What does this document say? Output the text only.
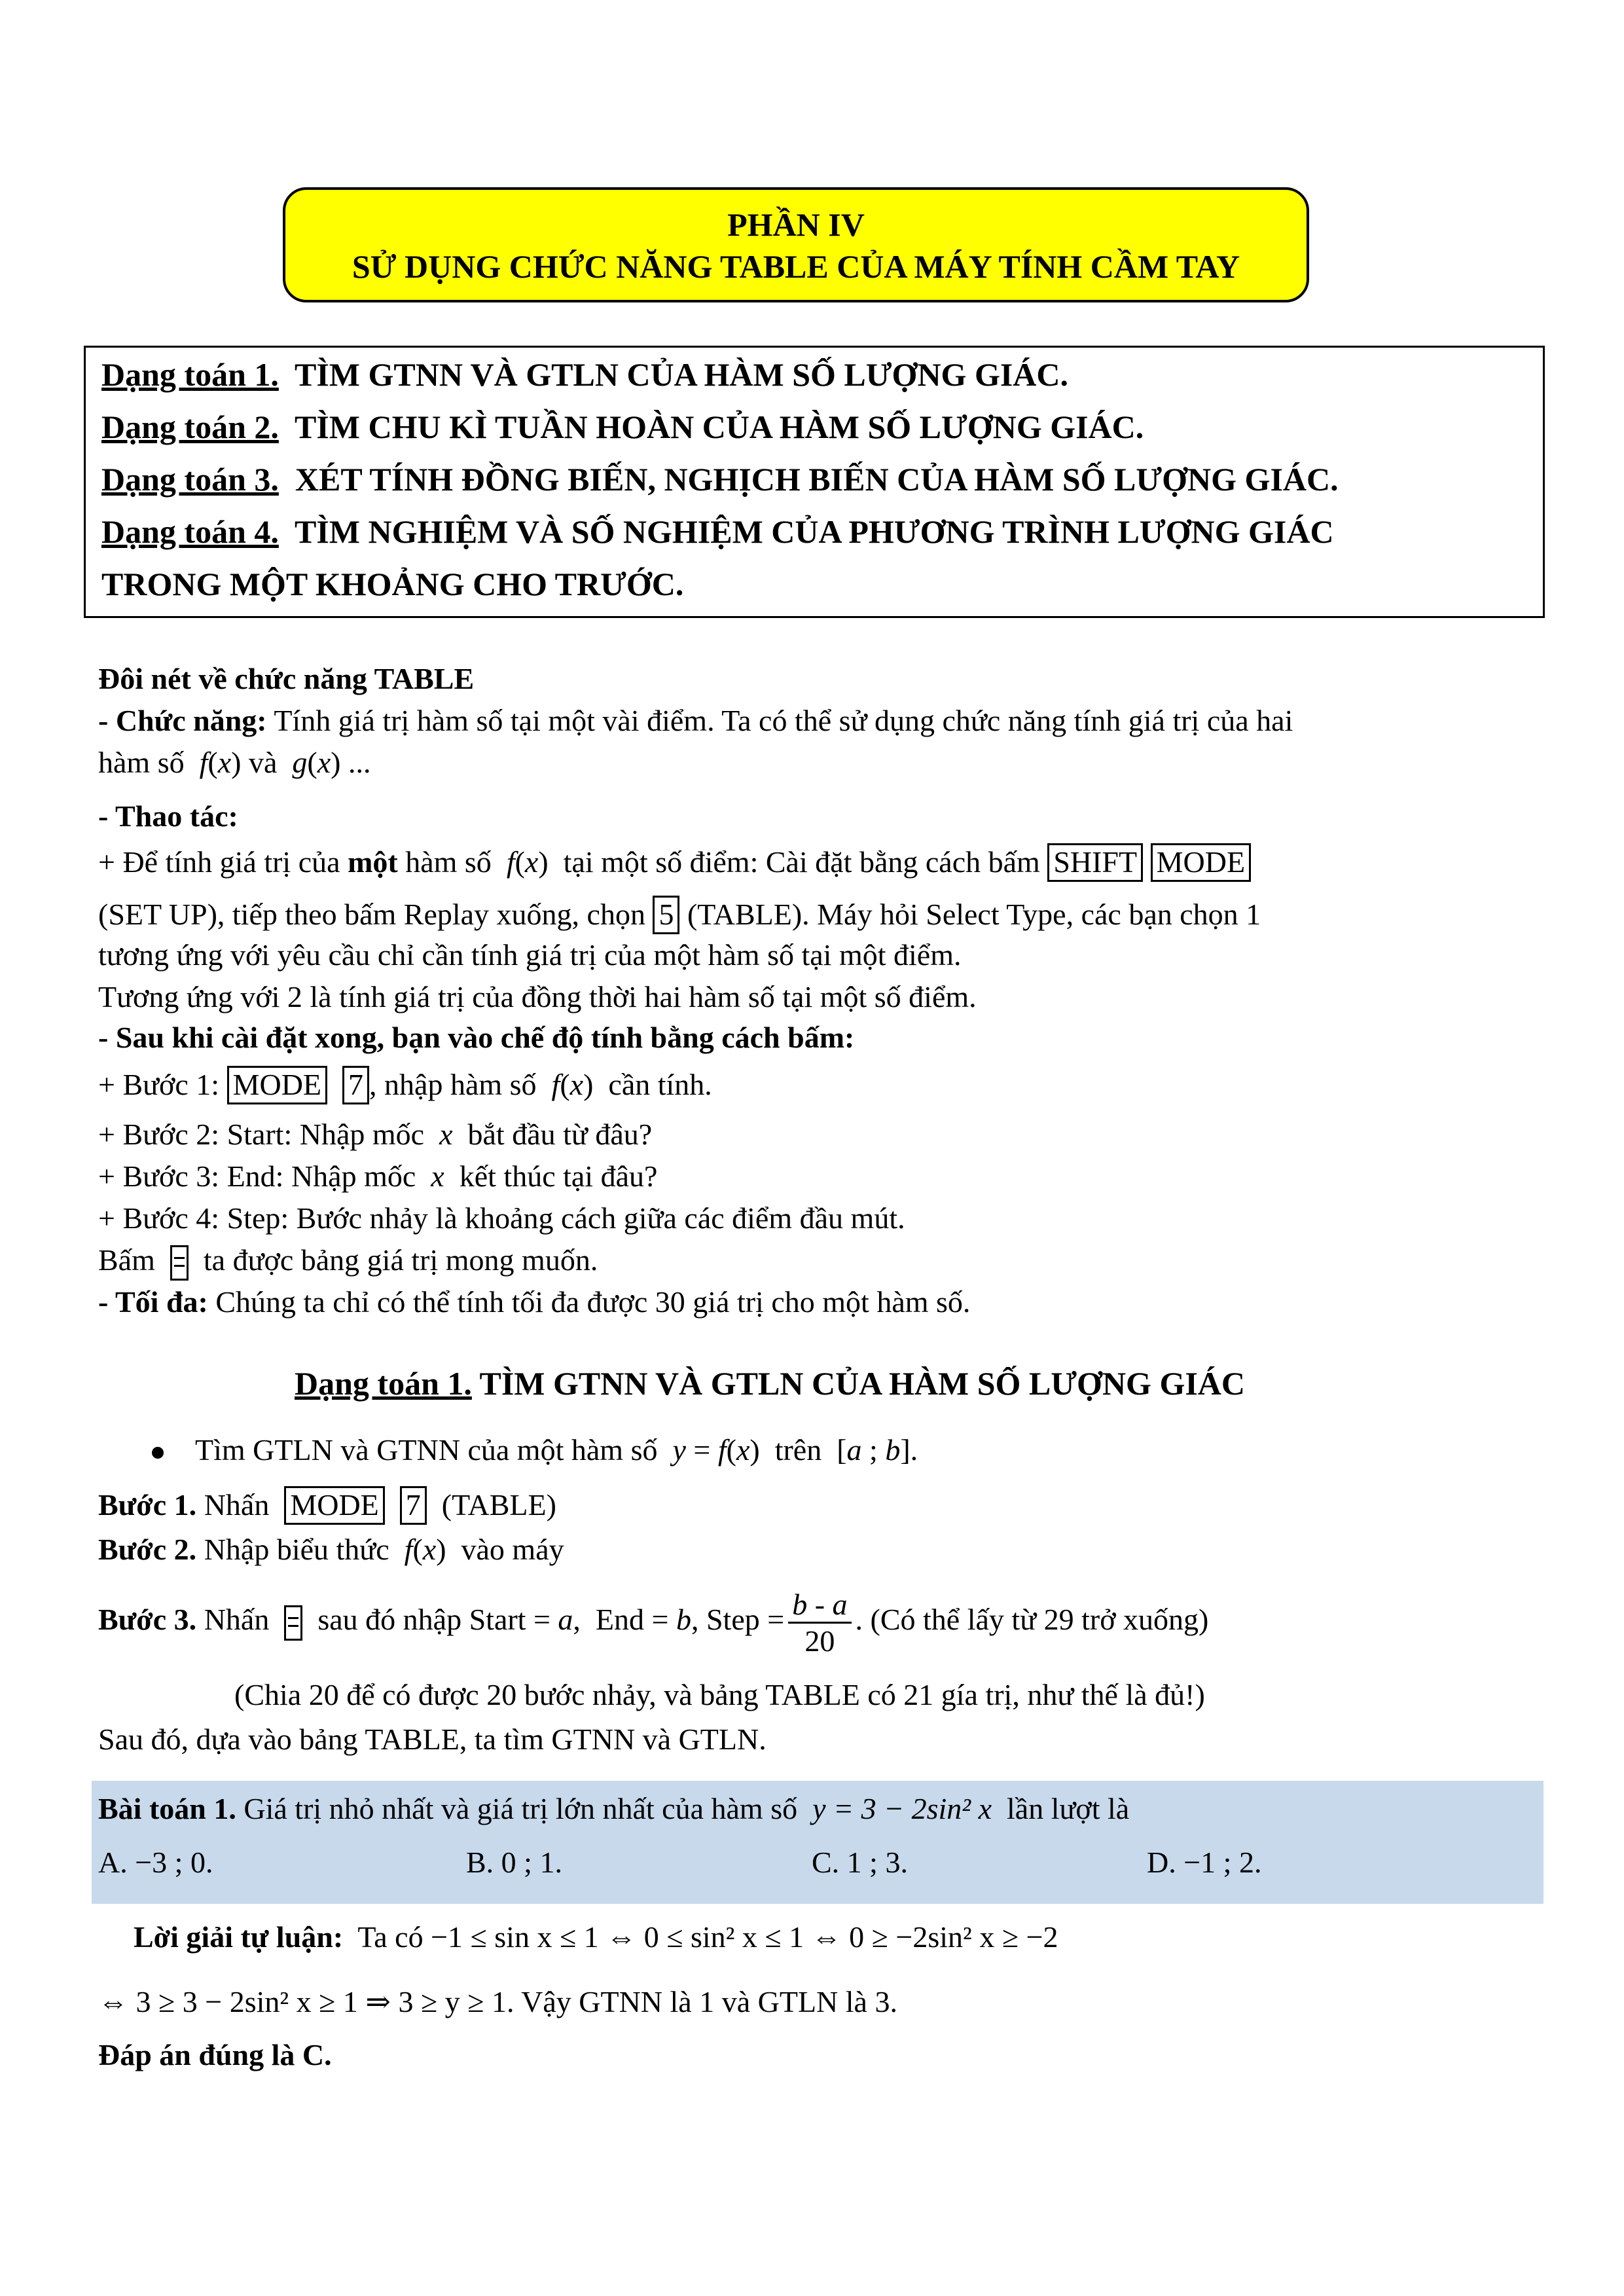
PHẦN IV
SỬ DỤNG CHỨC NĂNG TABLE CỦA MÁY TÍNH CẦM TAY
Dạng toán 1. TÌM GTNN VÀ GTLN CỦA HÀM SỐ LƯỢNG GIÁC.
Dạng toán 2. TÌM CHU KÌ TUẦN HOÀN CỦA HÀM SỐ LƯỢNG GIÁC.
Dạng toán 3. XÉT TÍNH ĐỒNG BIẾN, NGHỊCH BIẾN CỦA HÀM SỐ LƯỢNG GIÁC.
Dạng toán 4. TÌM NGHIỆM VÀ SỐ NGHIỆM CỦA PHƯƠNG TRÌNH LƯỢNG GIÁC
TRONG MỘT KHOẢNG CHO TRƯỚC.
Đôi nét về chức năng TABLE
- Chức năng: Tính giá trị hàm số tại một vài điểm. Ta có thể sử dụng chức năng tính giá trị của hai
hàm số f(x) và g(x) ...
- Thao tác:
+ Để tính giá trị của một hàm số f(x)  tại một số điểm: Cài đặt bằng cách bấm SHIFT MODE
(SET UP), tiếp theo bấm Replay xuống, chọn 5 (TABLE). Máy hỏi Select Type, các bạn chọn 1
tương ứng với yêu cầu chỉ cần tính giá trị của một hàm số tại một điểm.
Tương ứng với 2 là tính giá trị của đồng thời hai hàm số tại một số điểm.
- Sau khi cài đặt xong, bạn vào chế độ tính bằng cách bấm:
+ Bước 1: MODE 7 , nhập hàm số f(x)  cần tính.
+ Bước 2: Start: Nhập mốc x bắt đầu từ đâu?
+ Bước 3: End: Nhập mốc x kết thúc tại đâu?
+ Bước 4: Step: Bước nhảy là khoảng cách giữa các điểm đầu mút.
Bấm ta được bảng giá trị mong muốn.
- Tối đa: Chúng ta chỉ có thể tính tối đa được 30 giá trị cho một hàm số.
Dạng toán 1. TÌM GTNN VÀ GTLN CỦA HÀM SỐ LƯỢNG GIÁC
Tìm GTLN và GTNN của một hàm số y = f(x)  trên  [a ; b].
Bước 1. Nhấn MODE 7 (TABLE)
Bước 2. Nhập biểu thức f(x)  vào máy
Bước 3. Nhấn sau đó nhập Start = a,  End = b, Step = $\frac{b - a}{20}$ . (Có thể lấy từ 29 trở xuống)
(Chia 20 để có được 20 bước nhảy, và bảng TABLE có 21 gía trị, như thế là đủ!)
Sau đó, dựa vào bảng TABLE, ta tìm GTNN và GTLN.
Bài toán 1. Giá trị nhỏ nhất và giá trị lớn nhất của hàm số y = 3 − 2sin² x lần lượt là
A. −3 ; 0.	B. 0 ; 1.	C. 1 ; 3.	D. −1 ; 2.
Lời giải tự luận: Ta có −1 ≤ sin x ≤ 1 ⇔ 0 ≤ sin² x ≤ 1 ⇔ 0 ≥ −2sin² x ≥ −2
⇔ 3 ≥ 3 − 2sin² x ≥ 1 ⇒ 3 ≥ y ≥ 1. Vậy GTNN là 1 và GTLN là 3.
Đáp án đúng là C.
